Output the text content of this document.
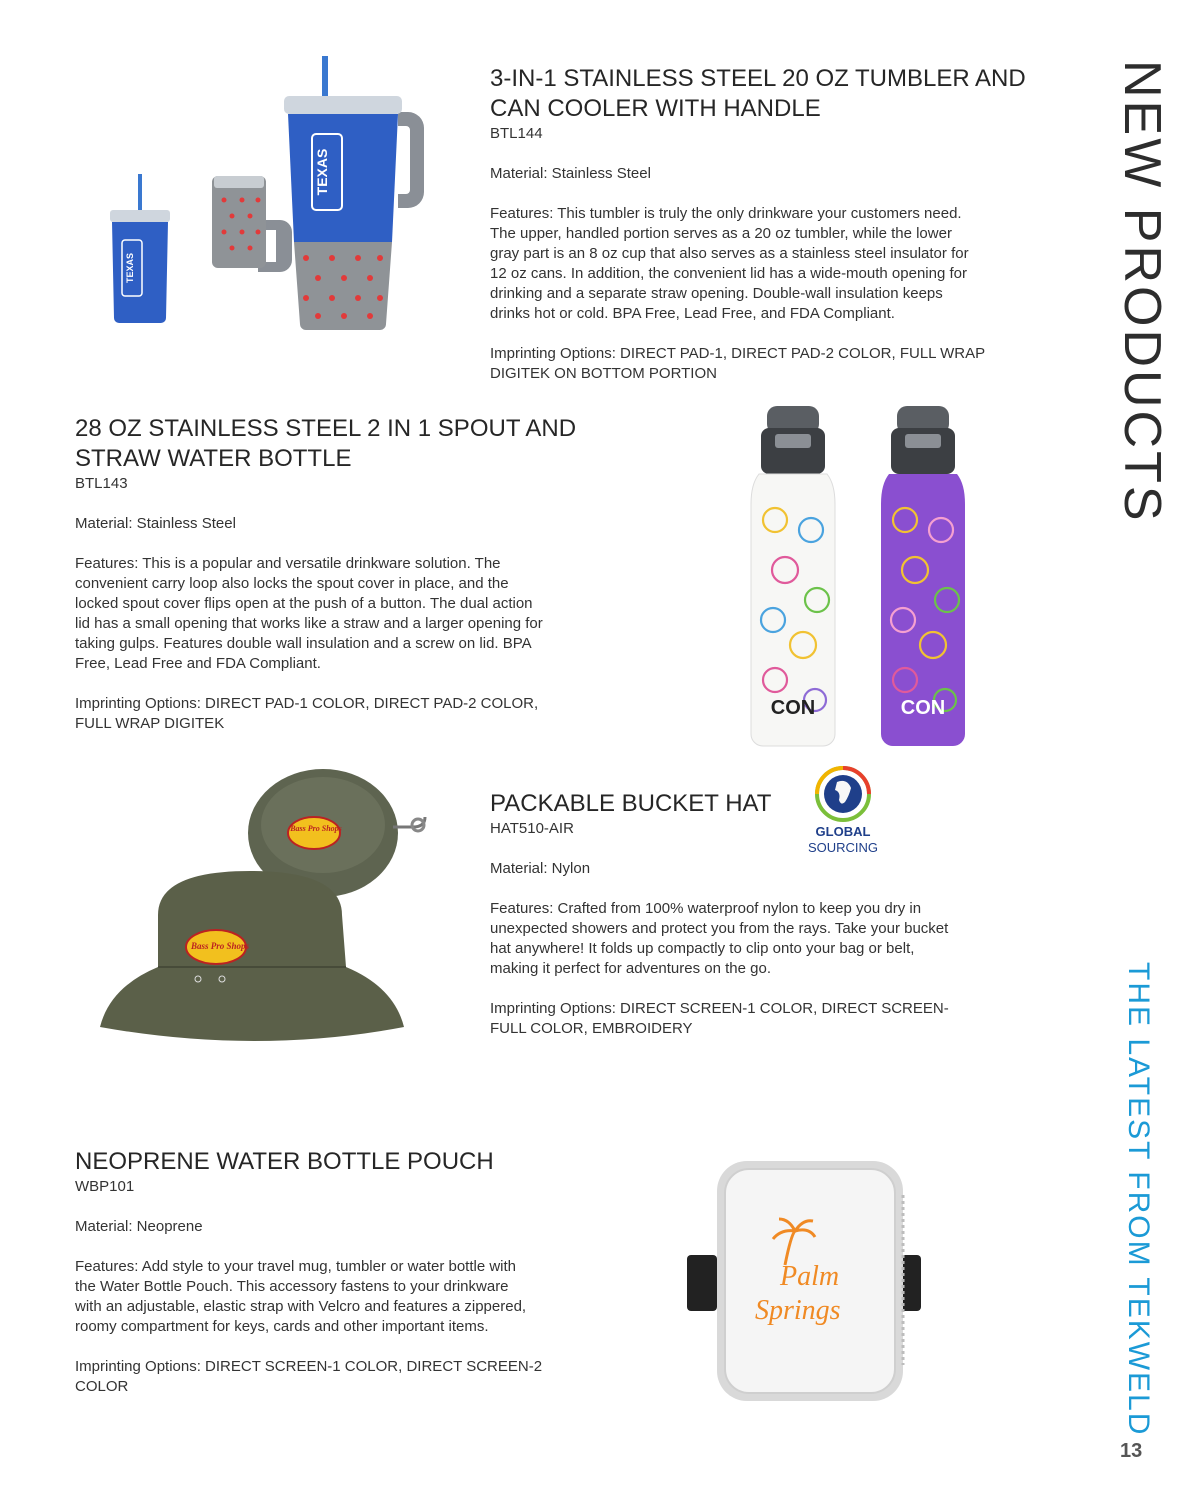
NEW PRODUCTS
THE LATEST FROM TEKWELD
13
TEXAS
TEXAS
3-IN-1 STAINLESS STEEL 20 OZ TUMBLER AND
CAN COOLER WITH HANDLE
BTL144
Material: Stainless Steel
Features: This tumbler is truly the only drinkware your customers need.
The upper, handled portion serves as a 20 oz tumbler, while the lower
gray part is an 8 oz cup that also serves as a stainless steel insulator for
12 oz cans. In addition, the convenient lid has a wide-mouth opening for
drinking and a separate straw opening. Double-wall insulation keeps
drinks hot or cold. BPA Free, Lead Free, and FDA Compliant.
Imprinting Options: DIRECT PAD-1, DIRECT PAD-2 COLOR, FULL WRAP
DIGITEK ON BOTTOM PORTION
28 OZ STAINLESS STEEL 2 IN 1 SPOUT AND
STRAW WATER BOTTLE
BTL143
Material: Stainless Steel
Features: This is a popular and versatile drinkware solution. The
convenient carry loop also locks the spout cover in place, and the
locked spout cover flips open at the push of a button. The dual action
lid has a small opening that works like a straw and a larger opening for
taking gulps. Features double wall insulation and a screw on lid. BPA
Free, Lead Free and FDA Compliant.
Imprinting Options: DIRECT PAD-1 COLOR, DIRECT PAD-2 COLOR,
FULL WRAP DIGITEK
CON	CON
Bass Pro Shops
Bass Pro Shops
PACKABLE BUCKET HAT
HAT510-AIR
Material: Nylon
Features: Crafted from 100% waterproof nylon to keep you dry in
unexpected showers and protect you from the rays. Take your bucket
hat anywhere! It folds up compactly to clip onto your bag or belt,
making it perfect for adventures on the go.
Imprinting Options: DIRECT SCREEN-1 COLOR, DIRECT SCREEN-
FULL COLOR, EMBROIDERY
GLOBAL
SOURCING
NEOPRENE WATER BOTTLE POUCH
WBP101
Material: Neoprene
Features: Add style to your travel mug, tumbler or water bottle with
the Water Bottle Pouch. This accessory fastens to your drinkware
with an adjustable, elastic strap with Velcro and features a zippered,
roomy compartment for keys, cards and other important items.
Imprinting Options: DIRECT SCREEN-1 COLOR, DIRECT SCREEN-2
COLOR
Palm
Springs
